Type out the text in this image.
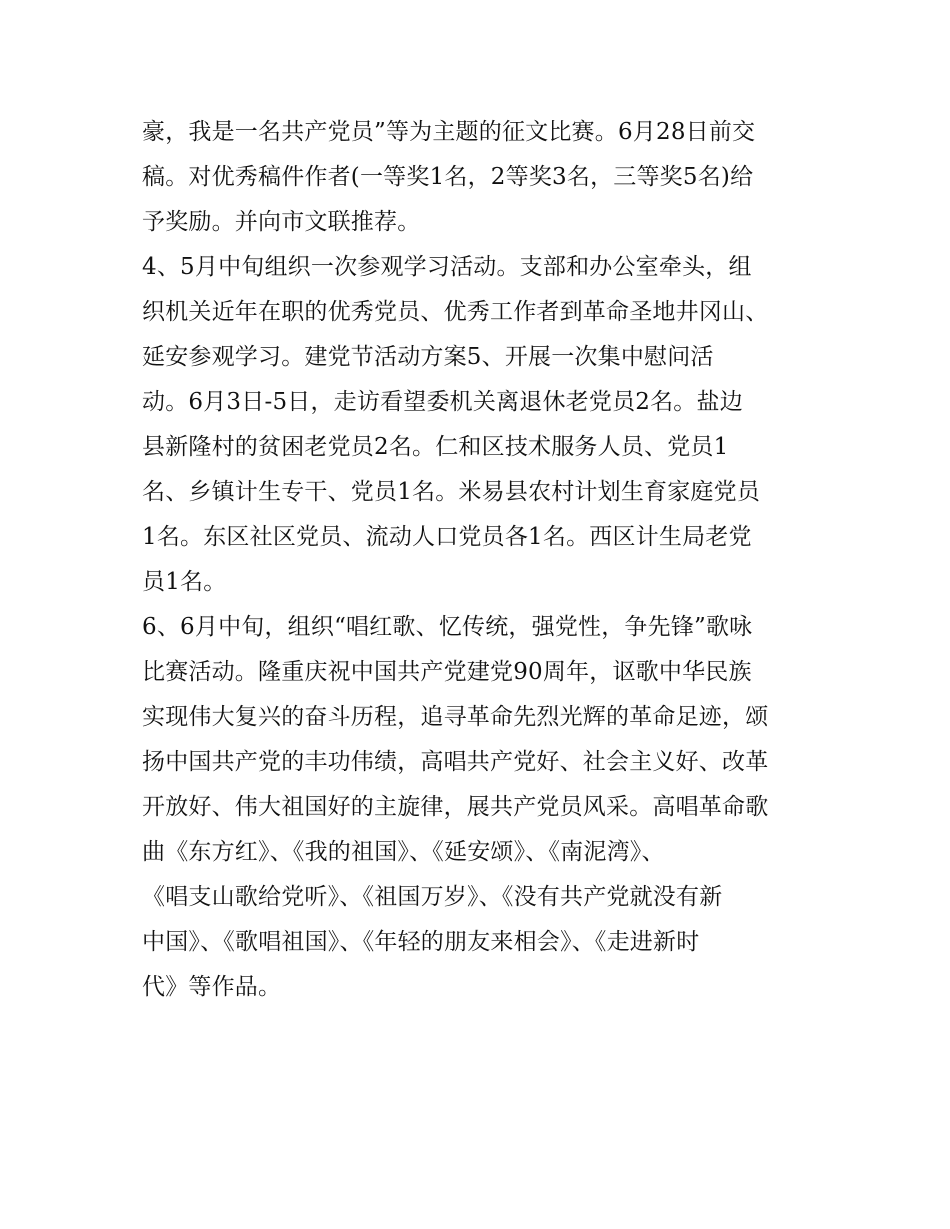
豪，我是一名共产党员”等为主题的征文比赛。6月28日前交
稿。对优秀稿件作者(一等奖1名，2等奖3名，三等奖5名)给
予奖励。并向市文联推荐。
4、5月中旬组织一次参观学习活动。支部和办公室牵头，组
织机关近年在职的优秀党员、优秀工作者到革命圣地井冈山、
延安参观学习。建党节活动方案5、开展一次集中慰问活
动。6月3日-5日，走访看望委机关离退休老党员2名。盐边
县新隆村的贫困老党员2名。仁和区技术服务人员、党员1
名、乡镇计生专干、党员1名。米易县农村计划生育家庭党员
1名。东区社区党员、流动人口党员各1名。西区计生局老党
员1名。
6、6月中旬，组织“唱红歌、忆传统，强党性，争先锋”歌咏
比赛活动。隆重庆祝中国共产党建党90周年，讴歌中华民族
实现伟大复兴的奋斗历程，追寻革命先烈光辉的革命足迹，颂
扬中国共产党的丰功伟绩，高唱共产党好、社会主义好、改革
开放好、伟大祖国好的主旋律，展共产党员风采。高唱革命歌
曲《东方红》、《我的祖国》、《延安颂》、《南泥湾》、
《唱支山歌给党听》、《祖国万岁》、《没有共产党就没有新
中国》、《歌唱祖国》、《年轻的朋友来相会》、《走进新时
代》等作品。
